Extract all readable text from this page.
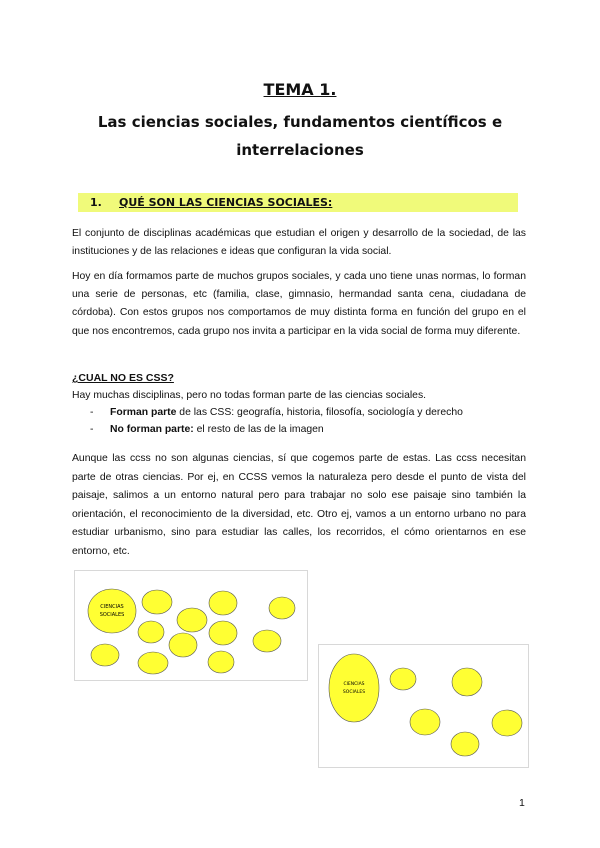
TEMA 1.
Las ciencias sociales, fundamentos científicos e
interrelaciones
1. QUÉ SON LAS CIENCIAS SOCIALES:

El conjunto de disciplinas académicas que estudian el origen y desarrollo de la sociedad, de las instituciones y de las relaciones e ideas que configuran la vida social.

Hoy en día formamos parte de muchos grupos sociales, y cada uno tiene unas normas, lo forman una serie de personas, etc (familia, clase, gimnasio, hermandad santa cena, ciudadana de córdoba). Con estos grupos nos comportamos de muy distinta forma en función del grupo en el que nos encontremos, cada grupo nos invita a participar en la vida social de forma muy diferente.

¿CUAL NO ES CSS?

Hay muchas disciplinas, pero no todas forman parte de las ciencias sociales.

- Forman parte de las CSS: geografía, historia, filosofía, sociología y derecho
- No forman parte: el resto de las de la imagen

Aunque las ccss no son algunas ciencias, sí que cogemos parte de estas. Las ccss necesitan parte de otras ciencias. Por ej, en CCSS vemos la naturaleza pero desde el punto de vista del paisaje, salimos a un entorno natural pero para trabajar no solo ese paisaje sino también la orientación, el reconocimiento de la diversidad, etc. Otro ej, vamos a un entorno urbano no para estudiar urbanismo, sino para estudiar las calles, los recorridos, el cómo orientarnos en ese entorno, etc.

CIENCIAS
SOCIALES
CIENCIAS
SOCIALES
1
